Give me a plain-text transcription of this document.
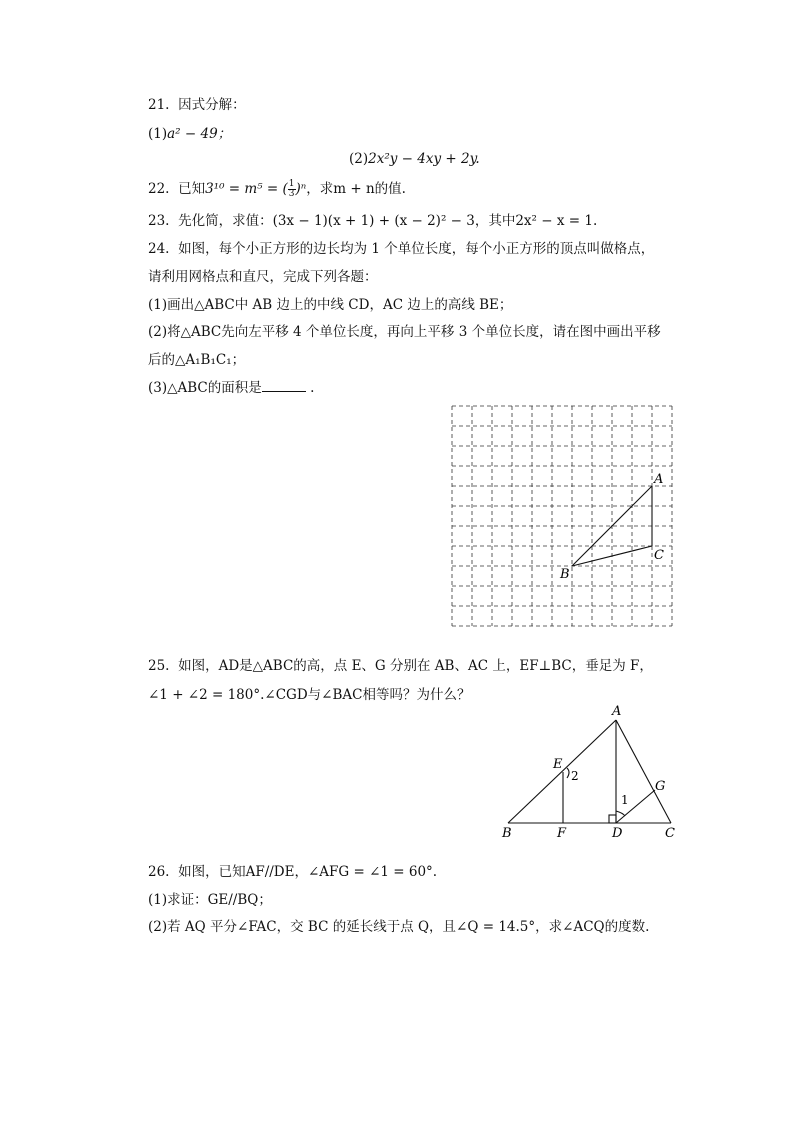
21. 因式分解：
(1)a² − 49；
(2)2x²y − 4xy + 2y.
22. 已知3¹⁰ = m⁵ = ( $\frac{1}{3} )^n$，求m + n的值.
23. 先化简，求值：(3x − 1)(x + 1) + (x − 2)² − 3，其中2x² − x = 1.
24. 如图，每个小正方形的边长均为 1 个单位长度，每个小正方形的顶点叫做格点，
请利用网格点和直尺，完成下列各题：
(1)画出△ABC中 AB 边上的中线 CD，AC 边上的高线 BE；
(2)将△ABC先向左平移 4 个单位长度，再向上平移 3 个单位长度，请在图中画出平移
后的△A₁B₁C₁；
(3)△ABC的面积是	.
A
B
C
25. 如图，AD是△ABC的高，点 E、G 分别在 AB、AC 上，EF⊥BC，垂足为 F，
∠1 + ∠2 = 180°.∠CGD与∠BAC相等吗？为什么？
A
B	C
D
E
F
G
1
2
26. 如图，已知AF//DE，∠AFG = ∠1 = 60°.
(1)求证：GE//BQ；
(2)若 AQ 平分∠FAC，交 BC 的延长线于点 Q，且∠Q = 14.5°，求∠ACQ的度数.
